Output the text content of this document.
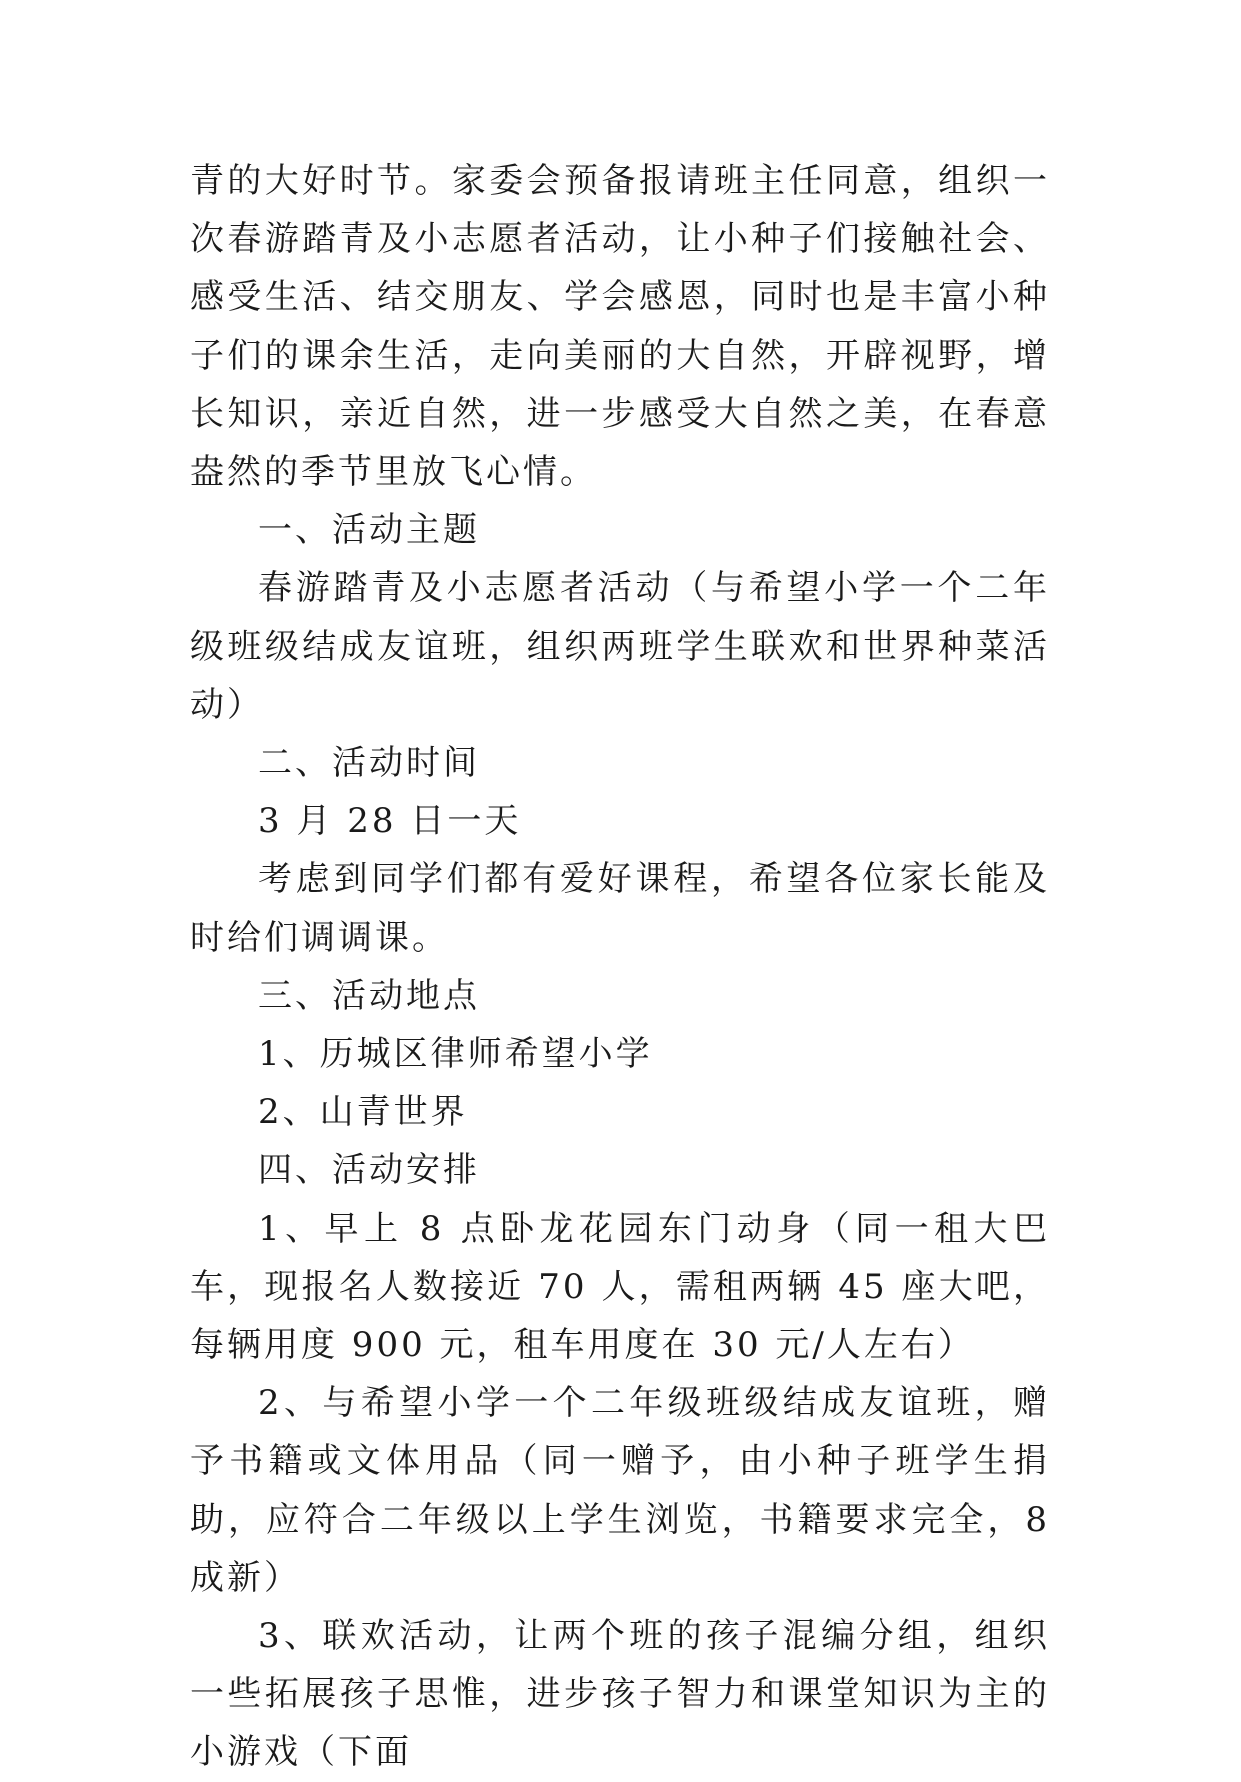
青的大好时节。家委会预备报请班主任同意，组织一次春游踏青及小志愿者活动，让小种子们接触社会、感受生活、结交朋友、学会感恩，同时也是丰富小种子们的课余生活，走向美丽的大自然，开辟视野，增长知识，亲近自然，进一步感受大自然之美，在春意盎然的季节里放飞心情。

一、活动主题

春游踏青及小志愿者活动（与希望小学一个二年级班级结成友谊班，组织两班学生联欢和世界种菜活动）

二、活动时间

3 月 28 日一天

考虑到同学们都有爱好课程，希望各位家长能及时给们调调课。

三、活动地点

1、历城区律师希望小学

2、山青世界

四、活动安排

1、早上 8 点卧龙花园东门动身（同一租大巴车，现报名人数接近 70 人，需租两辆 45 座大吧，每辆用度 900 元，租车用度在 30 元/人左右）

2、与希望小学一个二年级班级结成友谊班，赠予书籍或文体用品（同一赠予，由小种子班学生捐助，应符合二年级以上学生浏览，书籍要求完全，8 成新）

3、联欢活动，让两个班的孩子混编分组，组织一些拓展孩子思惟，进步孩子智力和课堂知识为主的小游戏（下面
